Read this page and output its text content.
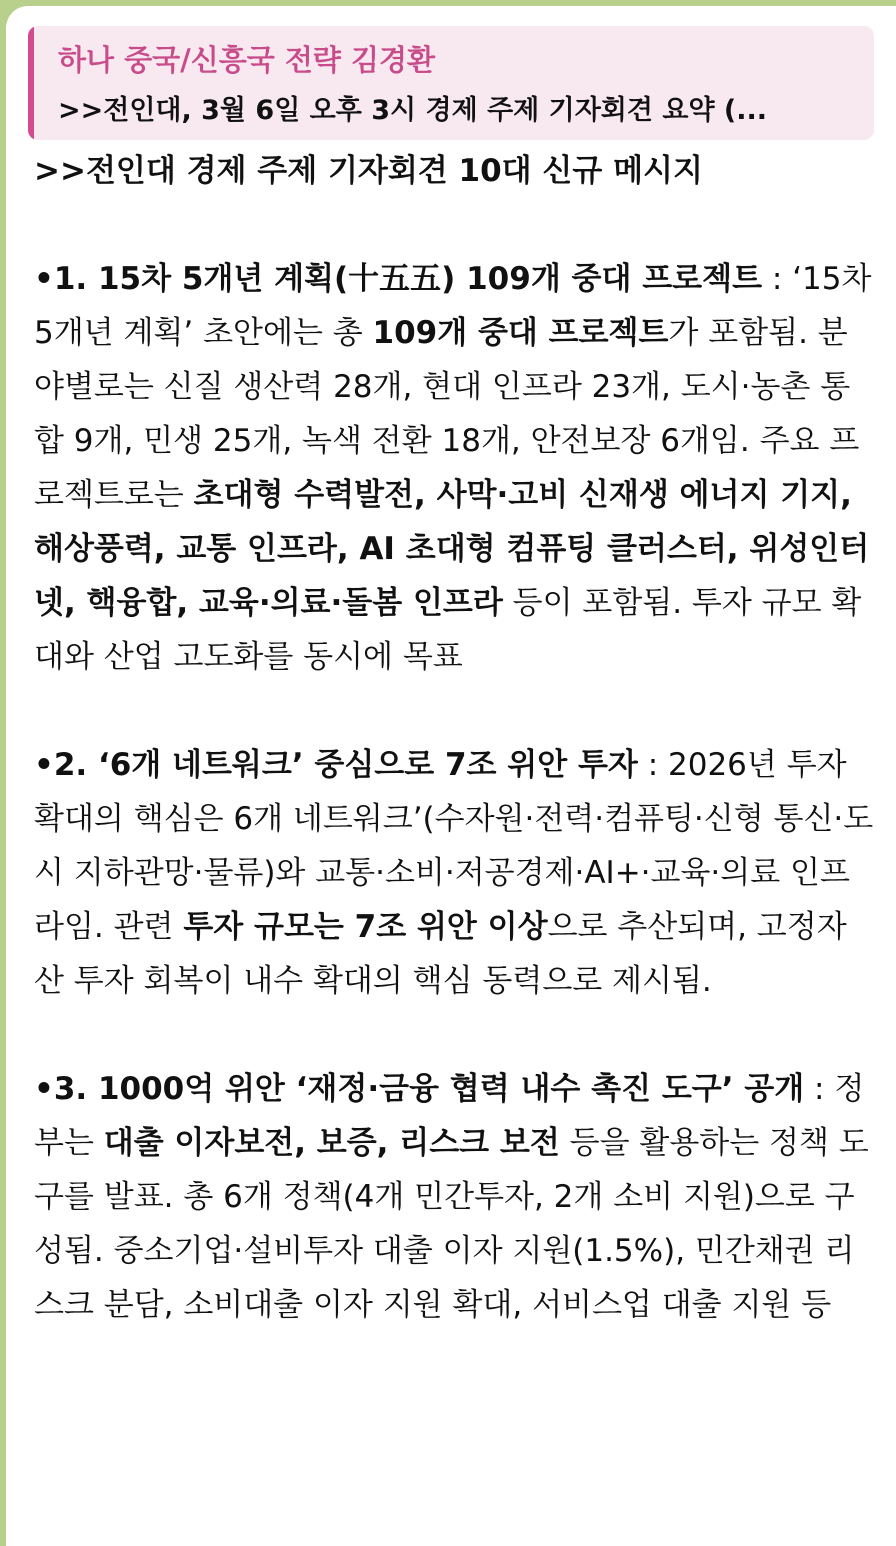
하나 중국/신흥국 전략 김경환
>>전인대, 3월 6일 오후 3시 경제 주제 기자회견 요약 (...

>>전인대 경제 주제 기자회견 10대 신규 메시지

•1. 15차 5개년 계획(十五五) 109개 중대 프로젝트 : ‘15차 5개년 계획’ 초안에는 총 109개 중대 프로젝트가 포함됨. 분야별로는 신질 생산력 28개, 현대 인프라 23개, 도시·농촌 통합 9개, 민생 25개, 녹색 전환 18개, 안전보장 6개임. 주요 프로젝트로는 초대형 수력발전, 사막·고비 신재생 에너지 기지, 해상풍력, 교통 인프라, AI 초대형 컴퓨팅 클러스터, 위성인터넷, 핵융합, 교육·의료·돌봄 인프라 등이 포함됨. 투자 규모 확대와 산업 고도화를 동시에 목표

•2. ‘6개 네트워크’ 중심으로 7조 위안 투자 : 2026년 투자 확대의 핵심은 6개 네트워크’(수자원·전력·컴퓨팅·신형 통신·도시 지하관망·물류)와 교통·소비·저공경제·AI+·교육·의료 인프라임. 관련 투자 규모는 7조 위안 이상으로 추산되며, 고정자산 투자 회복이 내수 확대의 핵심 동력으로 제시됨.

•3. 1000억 위안 ‘재정·금융 협력 내수 촉진 도구’ 공개 : 정부는 대출 이자보전, 보증, 리스크 보전 등을 활용하는 정책 도구를 발표. 총 6개 정책(4개 민간투자, 2개 소비 지원)으로 구성됨. 중소기업·설비투자 대출 이자 지원(1.5%), 민간채권 리스크 분담, 소비대출 이자 지원 확대, 서비스업 대출 지원 등
